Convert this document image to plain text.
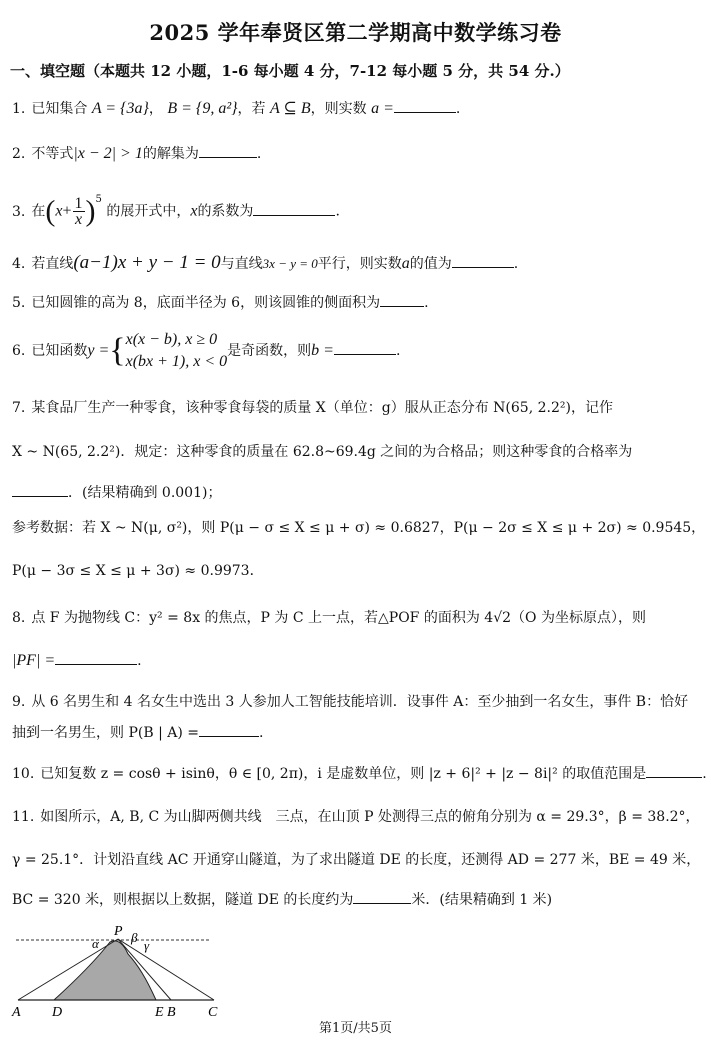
2025 学年奉贤区第二学期高中数学练习卷
一、填空题（本题共 12 小题，1-6 每小题 4 分，7-12 每小题 5 分，共 54 分.）
1. 已知集合 A = {3a}， B = {9, a²}，若 A ⊆ B，则实数 a =	.
2. 不等式|x − 2| > 1的解集为	.
3. 在$(x+ \frac{1}{x} )^5$ 的展开式中，x的系数为	.
4. 若直线(a−1)x + y − 1 = 0与直线3x − y = 0平行，则实数a的值为	.
5. 已知圆锥的高为 8，底面半径为 6，则该圆锥的侧面积为	.
6. 已知函数y ={ x(x − b), x ≥ 0
x(bx + 1), x < 0
是奇函数，则b =	.
7. 某食品厂生产一种零食，该种零食每袋的质量 X（单位：g）服从正态分布 N(65, 2.2²)，记作
X ~ N(65, 2.2²)．规定：这种零食的质量在 62.8~69.4g 之间的为合格品；则这种零食的合格率为
．(结果精确到 0.001)；
参考数据：若 X ~ N(μ, σ²)，则 P(μ − σ ≤ X ≤ μ + σ) ≈ 0.6827，P(μ − 2σ ≤ X ≤ μ + 2σ) ≈ 0.9545，
P(μ − 3σ ≤ X ≤ μ + 3σ) ≈ 0.9973．
8. 点 F 为抛物线 C：y² = 8x 的焦点，P 为 C 上一点，若△POF 的面积为 4√2（O 为坐标原点），则
|PF| =	.
9. 从 6 名男生和 4 名女生中选出 3 人参加人工智能技能培训．设事件 A：至少抽到一名女生，事件 B：恰好
抽到一名男生，则 P(B | A) =	.
10. 已知复数 z = cosθ + isinθ，θ ∈ [0, 2π)，i 是虚数单位，则 |z + 6|² + |z − 8i|² 的取值范围是	.
11. 如图所示，A, B, C 为山脚两侧共线　三点，在山顶 P 处测得三点的俯角分别为 α = 29.3°，β = 38.2°，
γ = 25.1°．计划沿直线 AC 开通穿山隧道，为了求出隧道 DE 的长度，还测得 AD = 277 米，BE = 49 米，
BC = 320 米，则根据以上数据，隧道 DE 的长度约为	米．(结果精确到 1 米)
P
α β
γ
A D	E B C
第1页/共5页
